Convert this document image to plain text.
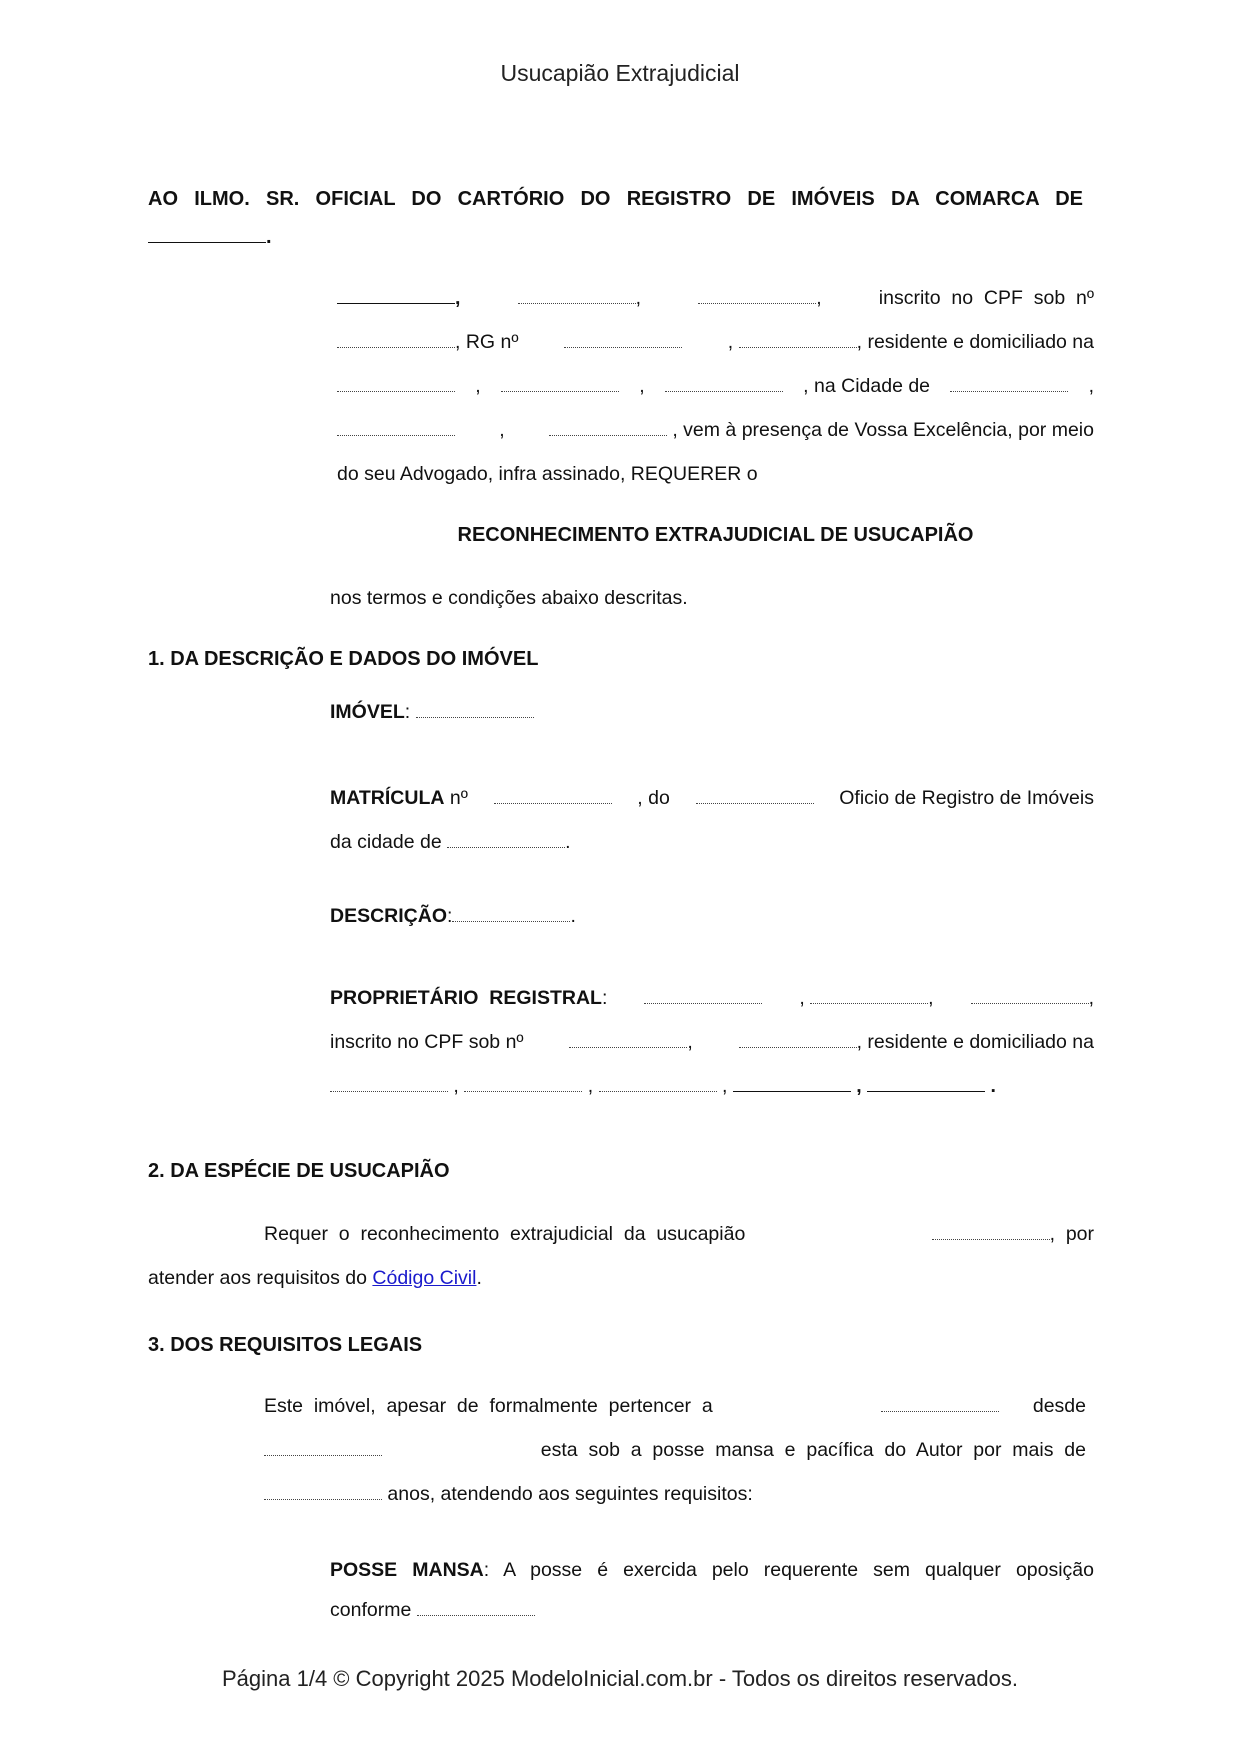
Usucapião Extrajudicial
AO ILMO. SR. OFICIAL DO CARTÓRIO DO REGISTRO DE IMÓVEIS DA COMARCA DE
.
,	,	,	inscrito  no  CPF  sob  nº
, RG nº	,	, residente e domiciliado na
,	,	, na Cidade de	,
,	, vem à presença de Vossa Excelência, por meio
do seu Advogado, infra assinado, REQUERER o
RECONHECIMENTO EXTRAJUDICIAL DE USUCAPIÃO
nos termos e condições abaixo descritas.
1. DA DESCRIÇÃO E DADOS DO IMÓVEL
IMÓVEL:
MATRÍCULA nº	, do	Oficio de Registro de Imóveis
da cidade de	.
DESCRIÇÃO:	.
PROPRIETÁRIO  REGISTRAL:	,	,	,
inscrito no CPF sob nº	,	, residente e domiciliado na
,	,	,	,	.
2. DA ESPÉCIE DE USUCAPIÃO
Requer  o  reconhecimento  extrajudicial  da  usucapião	,  por
atender aos requisitos do Código Civil.
3. DOS REQUISITOS LEGAIS
Este  imóvel,  apesar  de  formalmente  pertencer  a	desde
esta  sob  a  posse  mansa  e  pacífica  do  Autor  por  mais  de
anos, atendendo aos seguintes requisitos:
POSSE MANSA: A posse é exercida pelo requerente sem qualquer oposição
conforme
Página 1/4 © Copyright 2025 ModeloInicial.com.br - Todos os direitos reservados.
